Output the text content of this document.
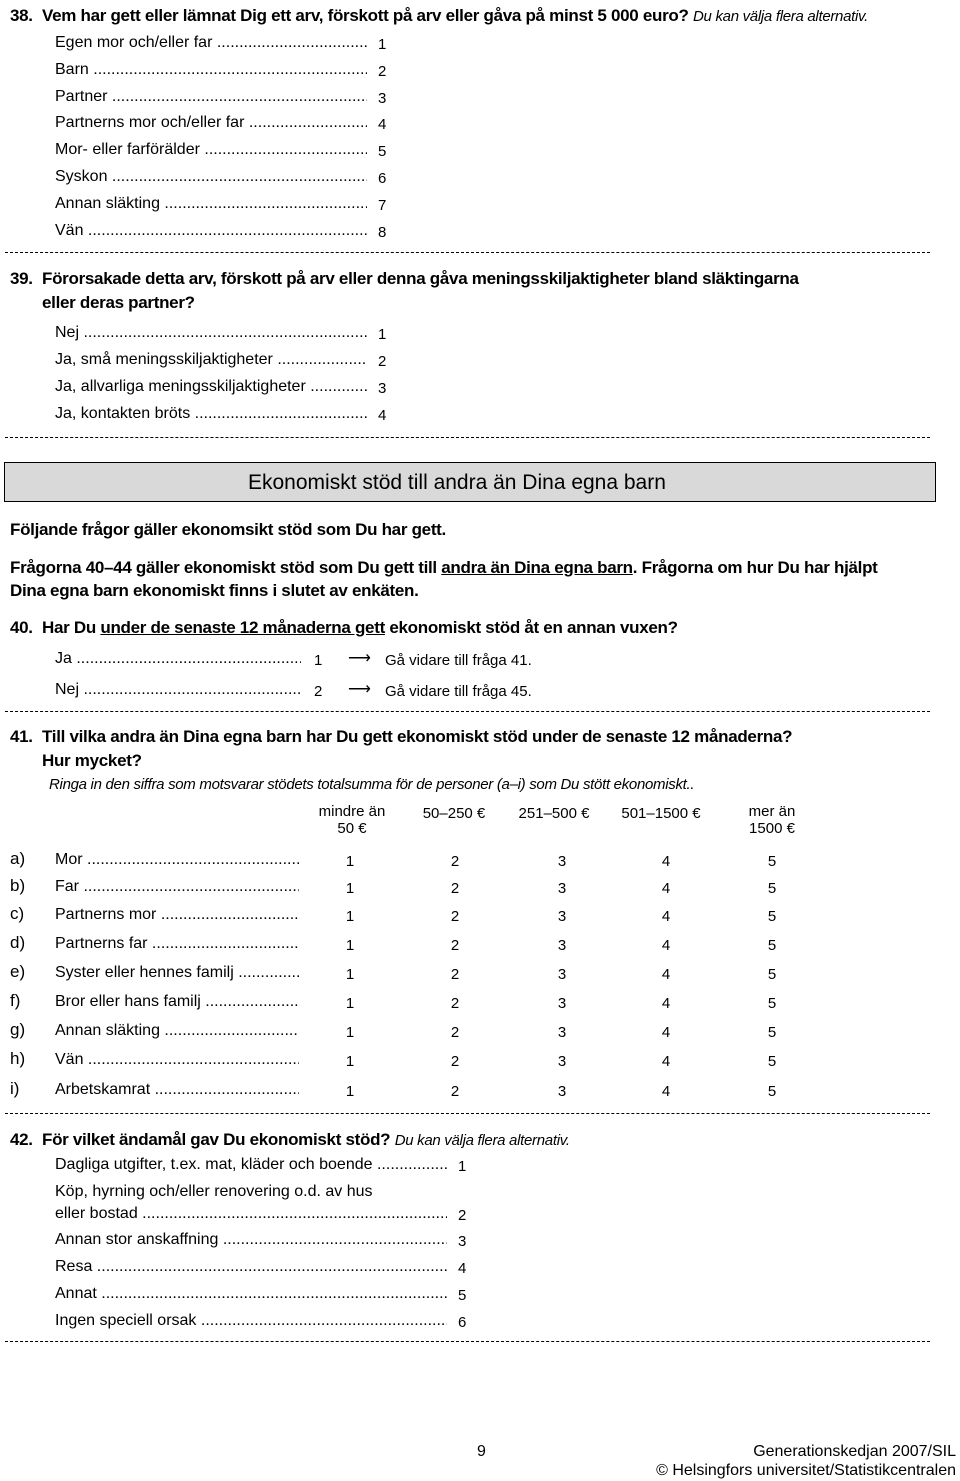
38. Vem har gett eller lämnat Dig ett arv, förskott på arv eller gåva på minst 5 000 euro? Du kan välja flera alternativ.
Egen mor och/eller far .....	1
Barn .....	2
Partner .....	3
Partnerns mor och/eller far .....	4
Mor- eller farförälder .....	5
Syskon .....	6
Annan släkting .....	7
Vän .....	8
39. Förorsakade detta arv, förskott på arv eller denna gåva meningsskiljaktigheter bland släktingarna
eller deras partner?
Nej .....	1
Ja, små meningsskiljaktigheter .....	2
Ja, allvarliga meningsskiljaktigheter .....	3
Ja, kontakten bröts .....	4
Ekonomiskt stöd till andra än Dina egna barn
Följande frågor gäller ekonomsikt stöd som Du har gett.
Frågorna 40–44 gäller ekonomiskt stöd som Du gett till andra än Dina egna barn. Frågorna om hur Du har hjälpt
Dina egna barn ekonomiskt finns i slutet av enkäten.
40. Har Du under de senaste 12 månaderna gett ekonomiskt stöd åt en annan vuxen?
Ja .....	1 ⟶ Gå vidare till fråga 41.
Nej .....	2 ⟶ Gå vidare till fråga 45.
41. Till vilka andra än Dina egna barn har Du gett ekonomiskt stöd under de senaste 12 månaderna?
Hur mycket?
Ringa in den siffra som motsvarar stödets totalsumma för de personer (a–i) som Du stött ekonomiskt..
mindre än
50 €
50–250 €	251–500 €	501–1500 €	mer än
1500 €
a) Mor .....	1	2	3	4	5
b) Far .....	1	2	3	4	5
c) Partnerns mor .....	1	2	3	4	5
d) Partnerns far .....	1	2	3	4	5
e) Syster eller hennes familj .....	1	2	3	4	5
f) Bror eller hans familj .....	1	2	3	4	5
g) Annan släkting .....	1	2	3	4	5
h) Vän .....	1	2	3	4	5
i) Arbetskamrat .....	1	2	3	4	5
42. För vilket ändamål gav Du ekonomiskt stöd? Du kan välja flera alternativ.
Dagliga utgifter, t.ex. mat, kläder och boende .....	1
Köp, hyrning och/eller renovering o.d. av hus
eller bostad .....	2
Annan stor anskaffning .....	3
Resa .....	4
Annat .....	5
Ingen speciell orsak .....	6
9	Generationskedjan 2007/SIL
© Helsingfors universitet/Statistikcentralen
